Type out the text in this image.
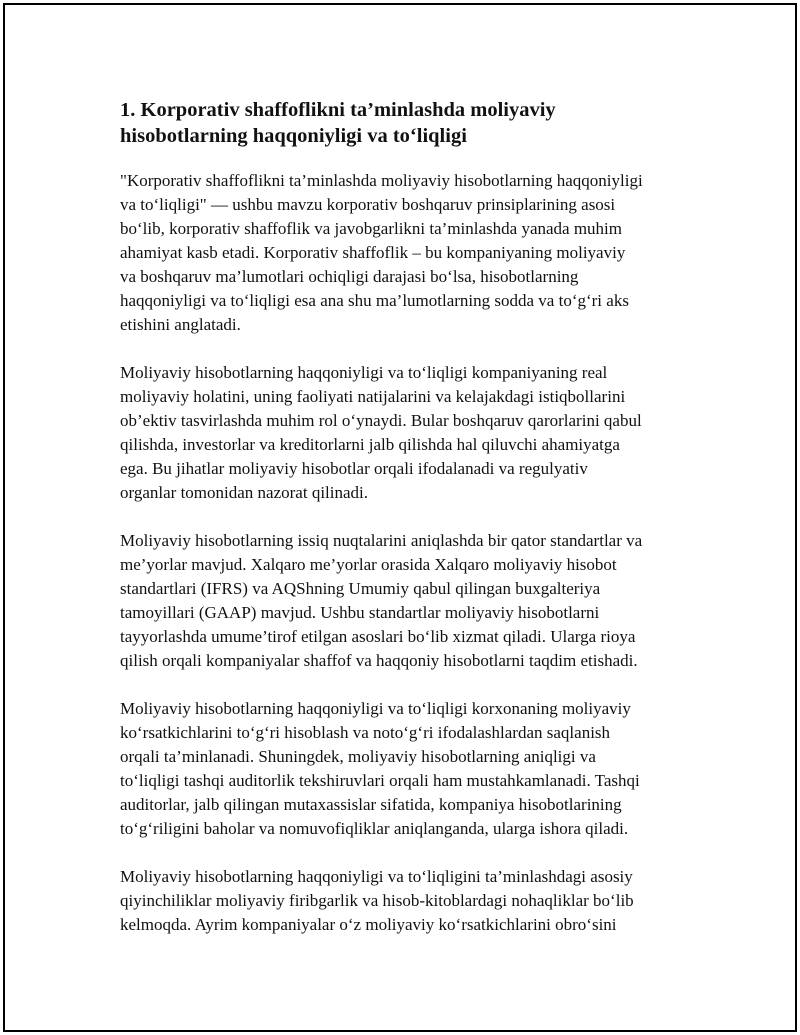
1. Korporativ shaffoflikni ta’minlashda moliyaviy
hisobotlarning haqqoniyligi va to‘liqligi

"Korporativ shaffoflikni ta’minlashda moliyaviy hisobotlarning haqqoniyligi
va to‘liqligi" — ushbu mavzu korporativ boshqaruv prinsiplarining asosi
bo‘lib, korporativ shaffoflik va javobgarlikni ta’minlashda yanada muhim
ahamiyat kasb etadi. Korporativ shaffoflik – bu kompaniyaning moliyaviy
va boshqaruv ma’lumotlari ochiqligi darajasi bo‘lsa, hisobotlarning
haqqoniyligi va to‘liqligi esa ana shu ma’lumotlarning sodda va to‘g‘ri aks
etishini anglatadi.

Moliyaviy hisobotlarning haqqoniyligi va to‘liqligi kompaniyaning real
moliyaviy holatini, uning faoliyati natijalarini va kelajakdagi istiqbollarini
ob’ektiv tasvirlashda muhim rol o‘ynaydi. Bular boshqaruv qarorlarini qabul
qilishda, investorlar va kreditorlarni jalb qilishda hal qiluvchi ahamiyatga
ega. Bu jihatlar moliyaviy hisobotlar orqali ifodalanadi va regulyativ
organlar tomonidan nazorat qilinadi.

Moliyaviy hisobotlarning issiq nuqtalarini aniqlashda bir qator standartlar va
me’yorlar mavjud. Xalqaro me’yorlar orasida Xalqaro moliyaviy hisobot
standartlari (IFRS) va AQShning Umumiy qabul qilingan buxgalteriya
tamoyillari (GAAP) mavjud. Ushbu standartlar moliyaviy hisobotlarni
tayyorlashda umume’tirof etilgan asoslari bo‘lib xizmat qiladi. Ularga rioya
qilish orqali kompaniyalar shaffof va haqqoniy hisobotlarni taqdim etishadi.

Moliyaviy hisobotlarning haqqoniyligi va to‘liqligi korxonaning moliyaviy
ko‘rsatkichlarini to‘g‘ri hisoblash va noto‘g‘ri ifodalashlardan saqlanish
orqali ta’minlanadi. Shuningdek, moliyaviy hisobotlarning aniqligi va
to‘liqligi tashqi auditorlik tekshiruvlari orqali ham mustahkamlanadi. Tashqi
auditorlar, jalb qilingan mutaxassislar sifatida, kompaniya hisobotlarining
to‘g‘riligini baholar va nomuvofiqliklar aniqlanganda, ularga ishora qiladi.

Moliyaviy hisobotlarning haqqoniyligi va to‘liqligini ta’minlashdagi asosiy
qiyinchiliklar moliyaviy firibgarlik va hisob-kitoblardagi nohaqliklar bo‘lib
kelmoqda. Ayrim kompaniyalar o‘z moliyaviy ko‘rsatkichlarini obro‘sini
